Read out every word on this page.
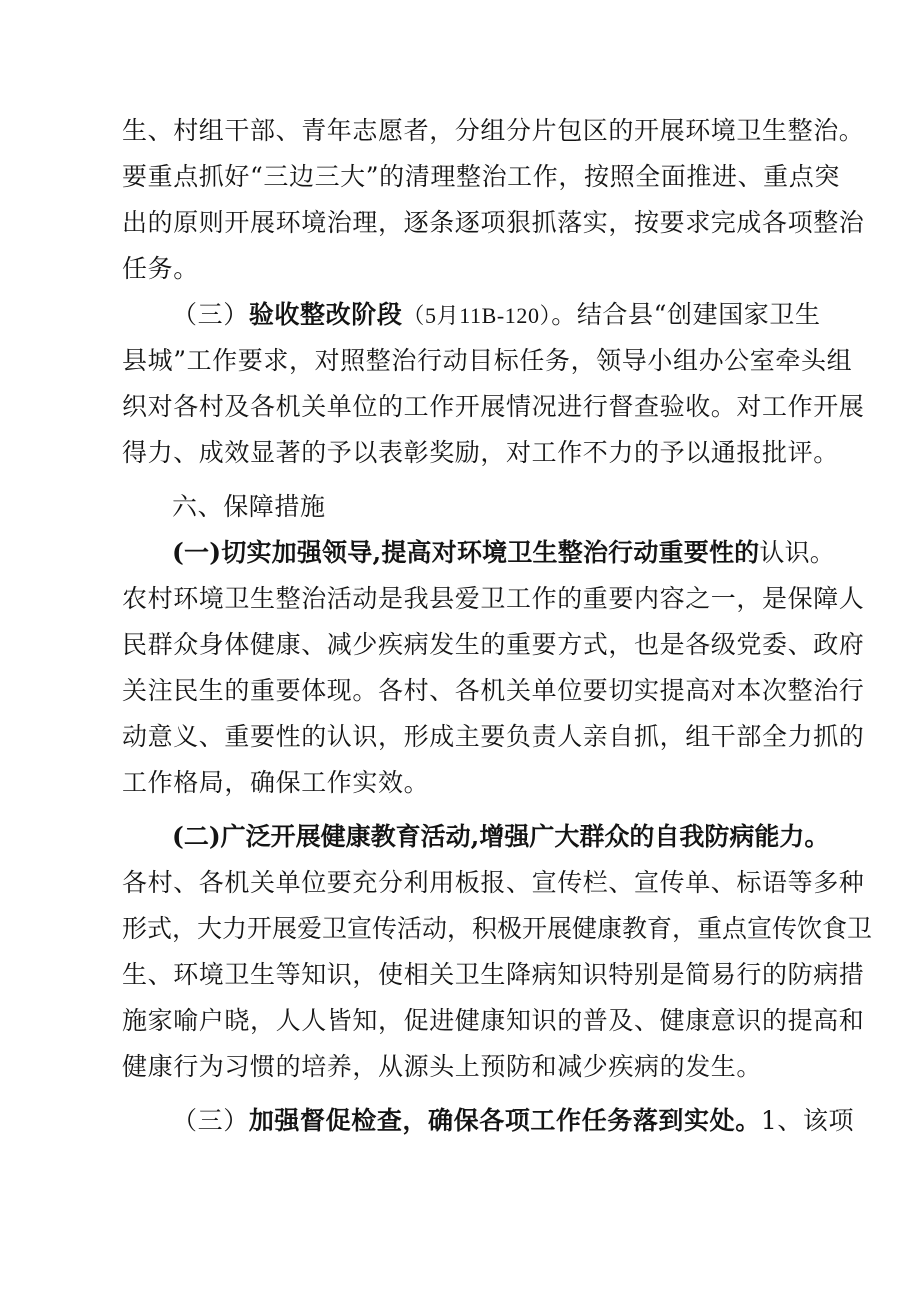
生、村组干部、青年志愿者，分组分片包区的开展环境卫生整治。
要重点抓好“三边三大”的清理整治工作，按照全面推进、重点突
出的原则开展环境治理，逐条逐项狠抓落实，按要求完成各项整治
任务。
（三）验收整改阶段（5月11B-120）。结合县“创建国家卫生
县城”工作要求，对照整治行动目标任务，领导小组办公室牵头组
织对各村及各机关单位的工作开展情况进行督查验收。对工作开展
得力、成效显著的予以表彰奖励，对工作不力的予以通报批评。
六、保障措施
(一)切实加强领导,提高对环境卫生整治行动重要性的认识。
农村环境卫生整治活动是我县爱卫工作的重要内容之一，是保障人
民群众身体健康、减少疾病发生的重要方式，也是各级党委、政府
关注民生的重要体现。各村、各机关单位要切实提高对本次整治行
动意义、重要性的认识，形成主要负责人亲自抓，组干部全力抓的
工作格局，确保工作实效。
(二)广泛开展健康教育活动,增强广大群众的自我防病能力。
各村、各机关单位要充分利用板报、宣传栏、宣传单、标语等多种
形式，大力开展爱卫宣传活动，积极开展健康教育，重点宣传饮食卫
生、环境卫生等知识，使相关卫生降病知识特别是简易行的防病措
施家喻户晓，人人皆知，促进健康知识的普及、健康意识的提高和
健康行为习惯的培养，从源头上预防和减少疾病的发生。
（三）加强督促检查，确保各项工作任务落到实处。1、该项
